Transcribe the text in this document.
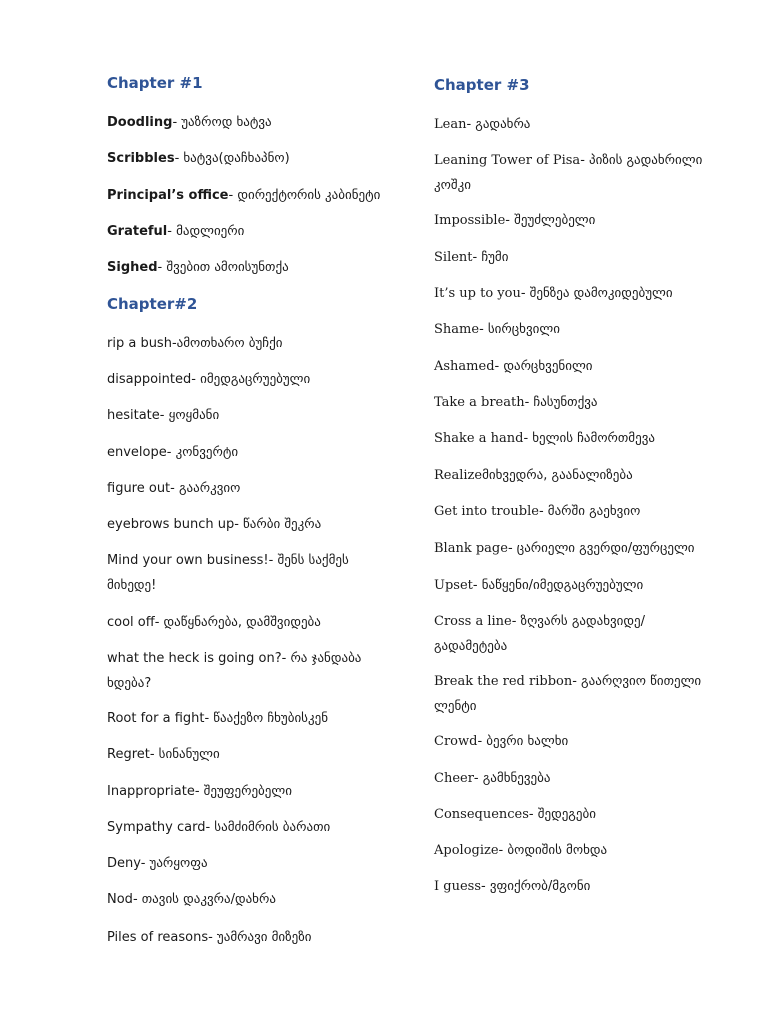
Chapter #1
Doodling- უაზროდ ხატვა
Scribbles- ხატვა(დაჩხაპნო)
Principal’s office- დირექტორის კაბინეტი
Grateful- მადლიერი
Sighed- შვებით ამოისუნთქა
Chapter#2
rip a bush-ამოთხარო ბუჩქი
disappointed- იმედგაცრუებული
hesitate- ყოყმანი
envelope- კონვერტი
figure out- გაარკვიო
eyebrows bunch up- წარბი შეკრა
Mind your own business!- შენს საქმეს მიხედე!
cool off- დაწყნარება, დამშვიდება
what the heck is going on?- რა ჯანდაბა ხდება?
Root for a fight- წააქეზო ჩხუბისკენ
Regret- სინანული
Inappropriate- შეუფერებელი
Sympathy card- სამძიმრის ბარათი
Deny- უარყოფა
Nod- თავის დაკვრა/დახრა
Piles of reasons- უამრავი მიზეზი
Chapter #3
Lean- გადახრა
Leaning Tower of Pisa- პიზის გადახრილი კოშკი
Impossible- შეუძლებელი
Silent- ჩუმი
It’s up to you- შენზეა დამოკიდებული
Shame- სირცხვილი
Ashamed- დარცხვენილი
Take a breath- ჩასუნთქვა
Shake a hand- ხელის ჩამორთმევა
Realizeმიხვედრა, გაანალიზება
Get into trouble- მარში გაეხვიო
Blank page- ცარიელი გვერდი/ფურცელი
Upset- ნაწყენი/იმედგაცრუებული
Cross a line- ზღვარს გადახვიდე/გადამეტება
Break the red ribbon- გაარღვიო წითელი ლენტი
Crowd- ბევრი ხალხი
Cheer- გამხნევება
Consequences- შედეგები
Apologize- ბოდიშის მოხდა
I guess- ვფიქრობ/მგონი
